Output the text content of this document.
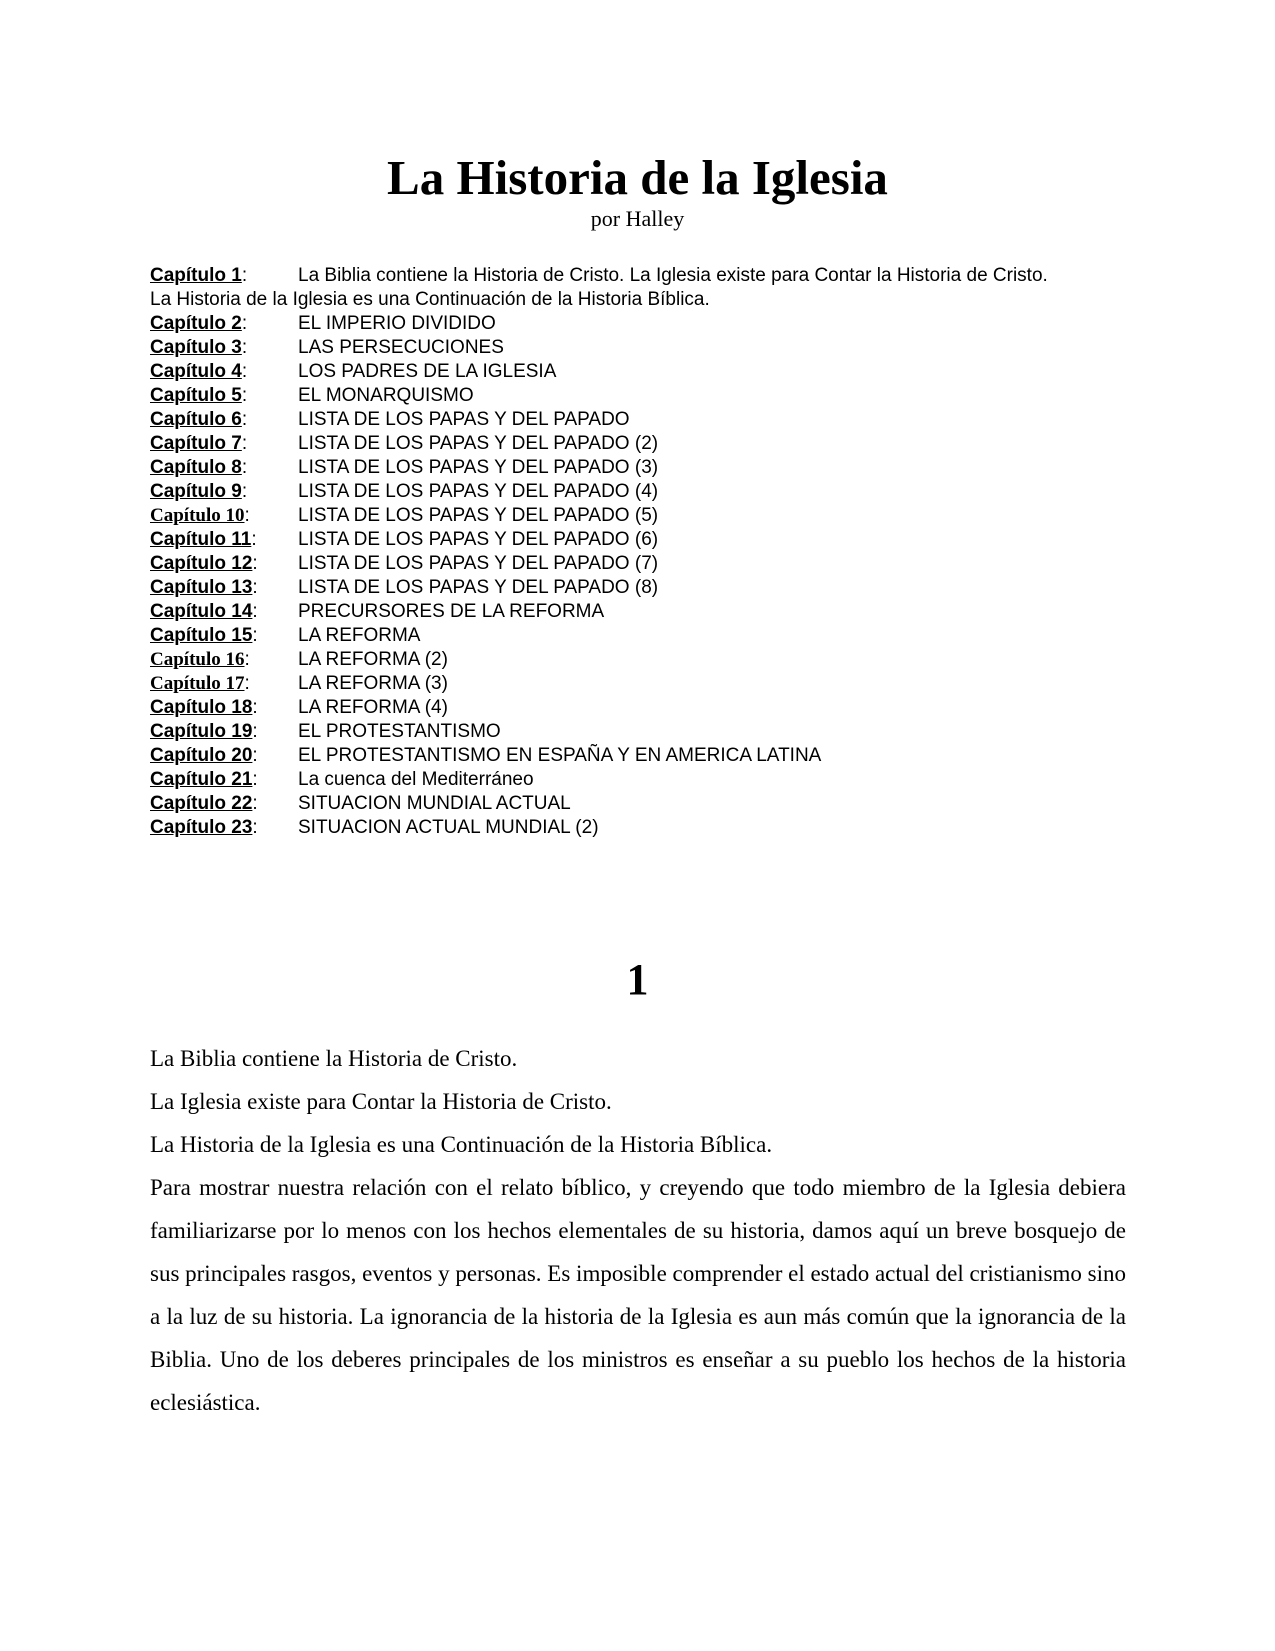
La Historia de la Iglesia
por Halley
Capítulo 1:	La Biblia contiene la Historia de Cristo. La Iglesia existe para Contar la Historia de Cristo.
La Historia de la Iglesia es una Continuación de la Historia Bíblica.
Capítulo 2:	EL IMPERIO DIVIDIDO
Capítulo 3:	LAS PERSECUCIONES
Capítulo 4:	LOS PADRES DE LA IGLESIA
Capítulo 5:	EL MONARQUISMO
Capítulo 6:	LISTA DE LOS PAPAS Y DEL PAPADO
Capítulo 7:	LISTA DE LOS PAPAS Y DEL PAPADO (2)
Capítulo 8:	LISTA DE LOS PAPAS Y DEL PAPADO (3)
Capítulo 9:	LISTA DE LOS PAPAS Y DEL PAPADO (4)
Capítulo 10:	LISTA DE LOS PAPAS Y DEL PAPADO (5)
Capítulo 11: LISTA DE LOS PAPAS Y DEL PAPADO (6)
Capítulo 12: LISTA DE LOS PAPAS Y DEL PAPADO (7)
Capítulo 13: LISTA DE LOS PAPAS Y DEL PAPADO (8)
Capítulo 14: PRECURSORES DE LA REFORMA
Capítulo 15: LA REFORMA
Capítulo 16:	LA REFORMA (2)
Capítulo 17:	LA REFORMA (3)
Capítulo 18: LA REFORMA (4)
Capítulo 19: EL PROTESTANTISMO
Capítulo 20: EL PROTESTANTISMO EN ESPAÑA Y EN AMERICA LATINA
Capítulo 21: La cuenca del Mediterráneo
Capítulo 22: SITUACION MUNDIAL ACTUAL
Capítulo 23: SITUACION ACTUAL MUNDIAL (2)
1

La Biblia contiene la Historia de Cristo.

La Iglesia existe para Contar la Historia de Cristo.

La Historia de la Iglesia es una Continuación de la Historia Bíblica.

Para mostrar nuestra relación con el relato bíblico, y creyendo que todo miembro de la Iglesia debiera familiarizarse por lo menos con los hechos elementales de su historia, damos aquí un breve bosquejo de sus principales rasgos, eventos y personas. Es imposible comprender el estado actual del cristianismo sino a la luz de su historia. La ignorancia de la historia de la Iglesia es aun más común que la ignorancia de la Biblia. Uno de los deberes principales de los ministros es enseñar a su pueblo los hechos de la historia eclesiástica.
